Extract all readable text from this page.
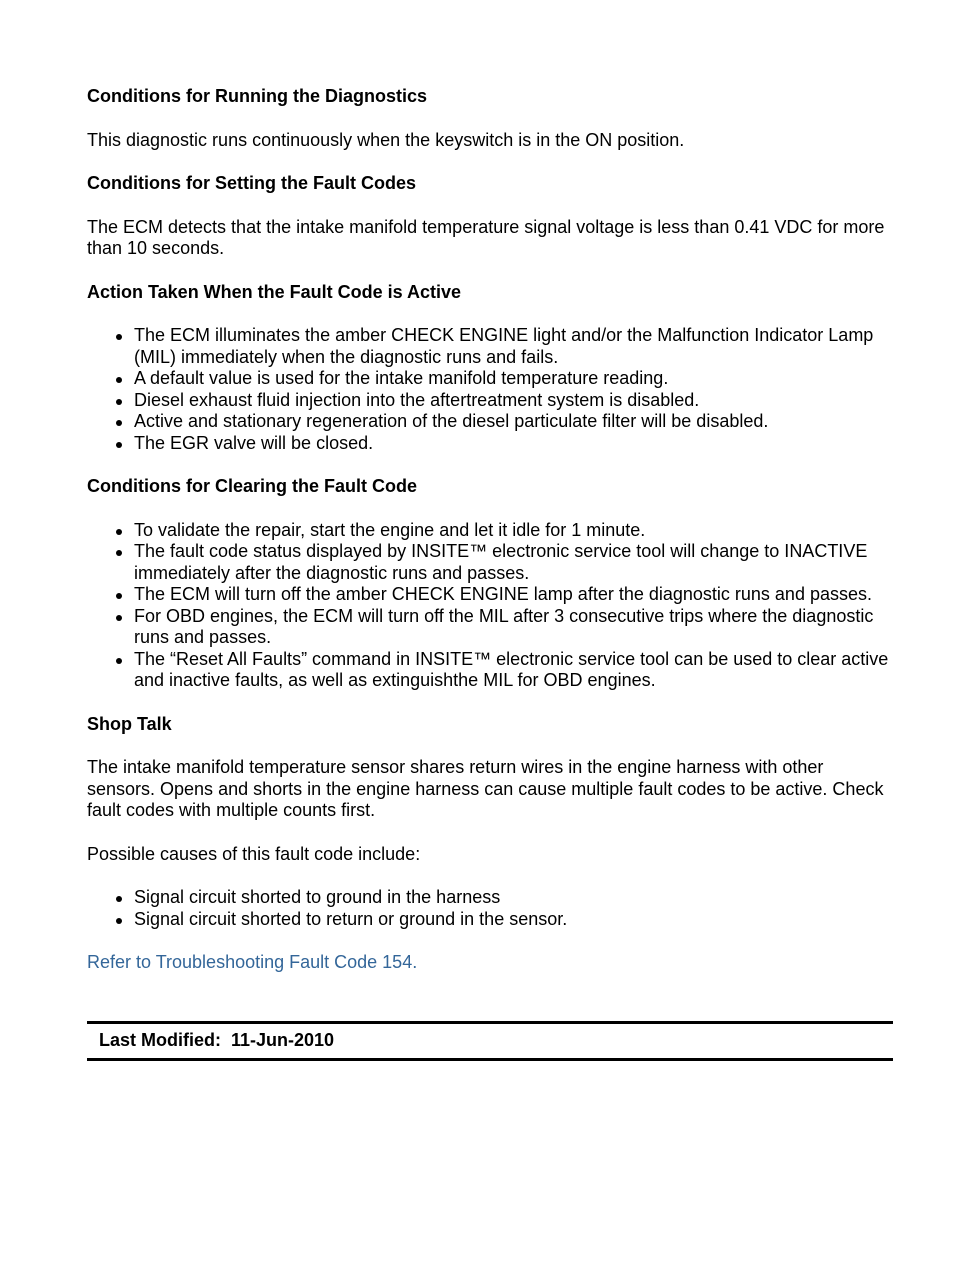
Conditions for Running the Diagnostics
This diagnostic runs continuously when the keyswitch is in the ON position.
Conditions for Setting the Fault Codes
The ECM detects that the intake manifold temperature signal voltage is less than 0.41 VDC for more than 10 seconds.
Action Taken When the Fault Code is Active
The ECM illuminates the amber CHECK ENGINE light and/or the Malfunction Indicator Lamp (MIL) immediately when the diagnostic runs and fails.
A default value is used for the intake manifold temperature reading.
Diesel exhaust fluid injection into the aftertreatment system is disabled.
Active and stationary regeneration of the diesel particulate filter will be disabled.
The EGR valve will be closed.
Conditions for Clearing the Fault Code
To validate the repair, start the engine and let it idle for 1 minute.
The fault code status displayed by INSITE™ electronic service tool will change to INACTIVE immediately after the diagnostic runs and passes.
The ECM will turn off the amber CHECK ENGINE lamp after the diagnostic runs and passes.
For OBD engines, the ECM will turn off the MIL after 3 consecutive trips where the diagnostic runs and passes.
The “Reset All Faults” command in INSITE™ electronic service tool can be used to clear active and inactive faults, as well as extinguishthe MIL for OBD engines.
Shop Talk
The intake manifold temperature sensor shares return wires in the engine harness with other sensors. Opens and shorts in the engine harness can cause multiple fault codes to be active. Check fault codes with multiple counts first.
Possible causes of this fault code include:
Signal circuit shorted to ground in the harness
Signal circuit shorted to return or ground in the sensor.
Refer to Troubleshooting Fault Code 154.
Last Modified:  11-Jun-2010
